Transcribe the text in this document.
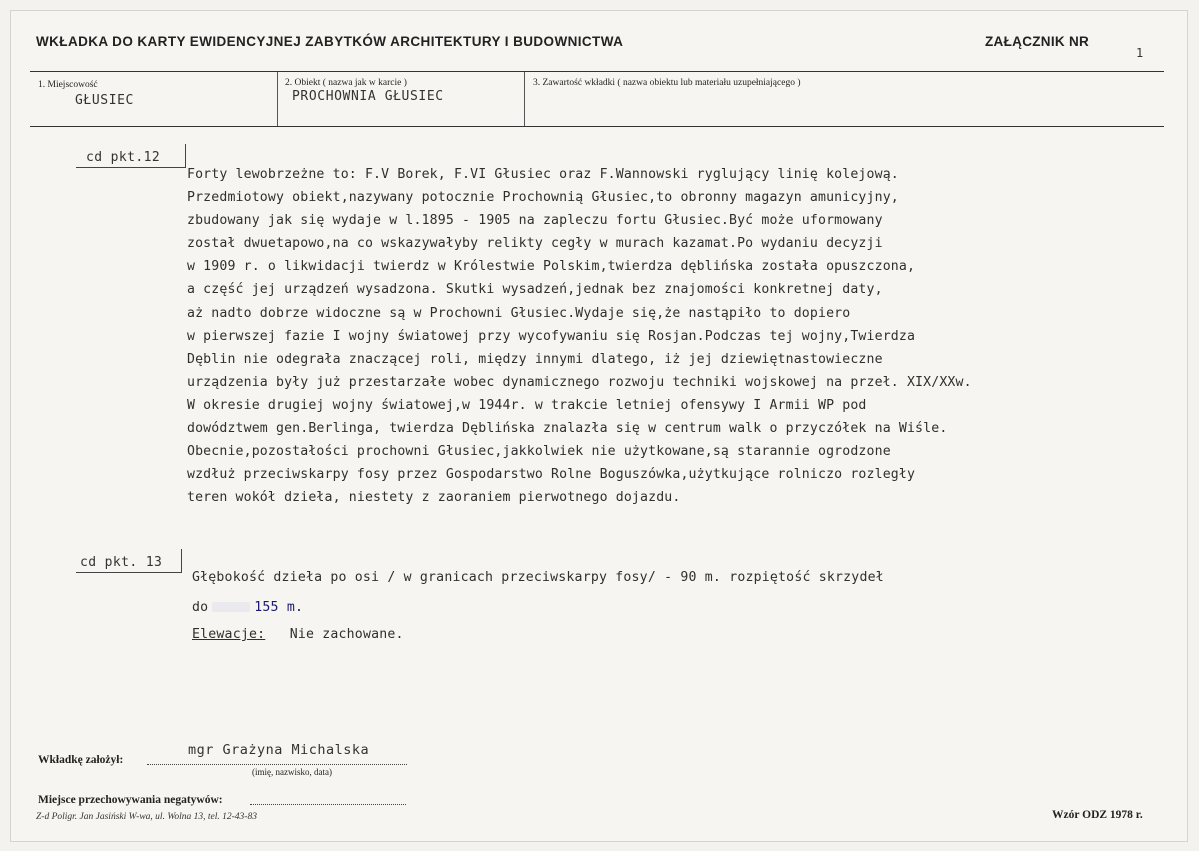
WKŁADKA DO KARTY EWIDENCYJNEJ ZABYTKÓW ARCHITEKTURY I BUDOWNICTWA	ZAŁĄCZNIK NR
1
1. Miejscowość
GŁUSIEC
2. Obiekt ( nazwa jak w karcie )
PROCHOWNIA GŁUSIEC
3. Zawartość wkładki ( nazwa obiektu lub materiału uzupełniającego )
cd pkt.12
Forty lewobrzeżne to: F.V Borek, F.VI Głusiec oraz F.Wannowski ryglujący linię kolejową.
Przedmiotowy obiekt,nazywany potocznie Prochownią Głusiec,to obronny magazyn amunicyjny,
zbudowany jak się wydaje w l.1895 - 1905 na zapleczu fortu Głusiec.Być może uformowany
został dwuetapowo,na co wskazywałyby relikty cegły w murach kazamat.Po wydaniu decyzji
w 1909 r. o likwidacji twierdz w Królestwie Polskim,twierdza dęblińska została opuszczona,
a część jej urządzeń wysadzona. Skutki wysadzeń,jednak bez znajomości konkretnej daty,
aż nadto dobrze widoczne są w Prochowni Głusiec.Wydaje się,że nastąpiło to dopiero
w pierwszej fazie I wojny światowej przy wycofywaniu się Rosjan.Podczas tej wojny,Twierdza
Dęblin nie odegrała znaczącej roli, między innymi dlatego, iż jej dziewiętnastowieczne
urządzenia były już przestarzałe wobec dynamicznego rozwoju techniki wojskowej na przeł. XIX/XXw.
W okresie drugiej wojny światowej,w 1944r. w trakcie letniej ofensywy I Armii WP pod
dowództwem gen.Berlinga, twierdza Dęblińska znalazła się w centrum walk o przyczółek na Wiśle.
Obecnie,pozostałości prochowni Głusiec,jakkolwiek nie użytkowane,są starannie ogrodzone
wzdłuż przeciwskarpy fosy przez Gospodarstwo Rolne Boguszówka,użytkujące rolniczo rozległy
teren wokół dzieła, niestety z zaoraniem pierwotnego dojazdu.
cd pkt. 13
Głębokość dzieła po osi / w granicach przeciwskarpy fosy/ - 90 m. rozpiętość skrzydeł
do	155 m.
Elewacje: Nie zachowane.
Wkładkę założył:
mgr Grażyna Michalska
(imię, nazwisko, data)
Miejsce przechowywania negatywów:
Z-d Poligr. Jan Jasiński W-wa, ul. Wolna 13, tel. 12-43-83	Wzór ODZ 1978 r.
